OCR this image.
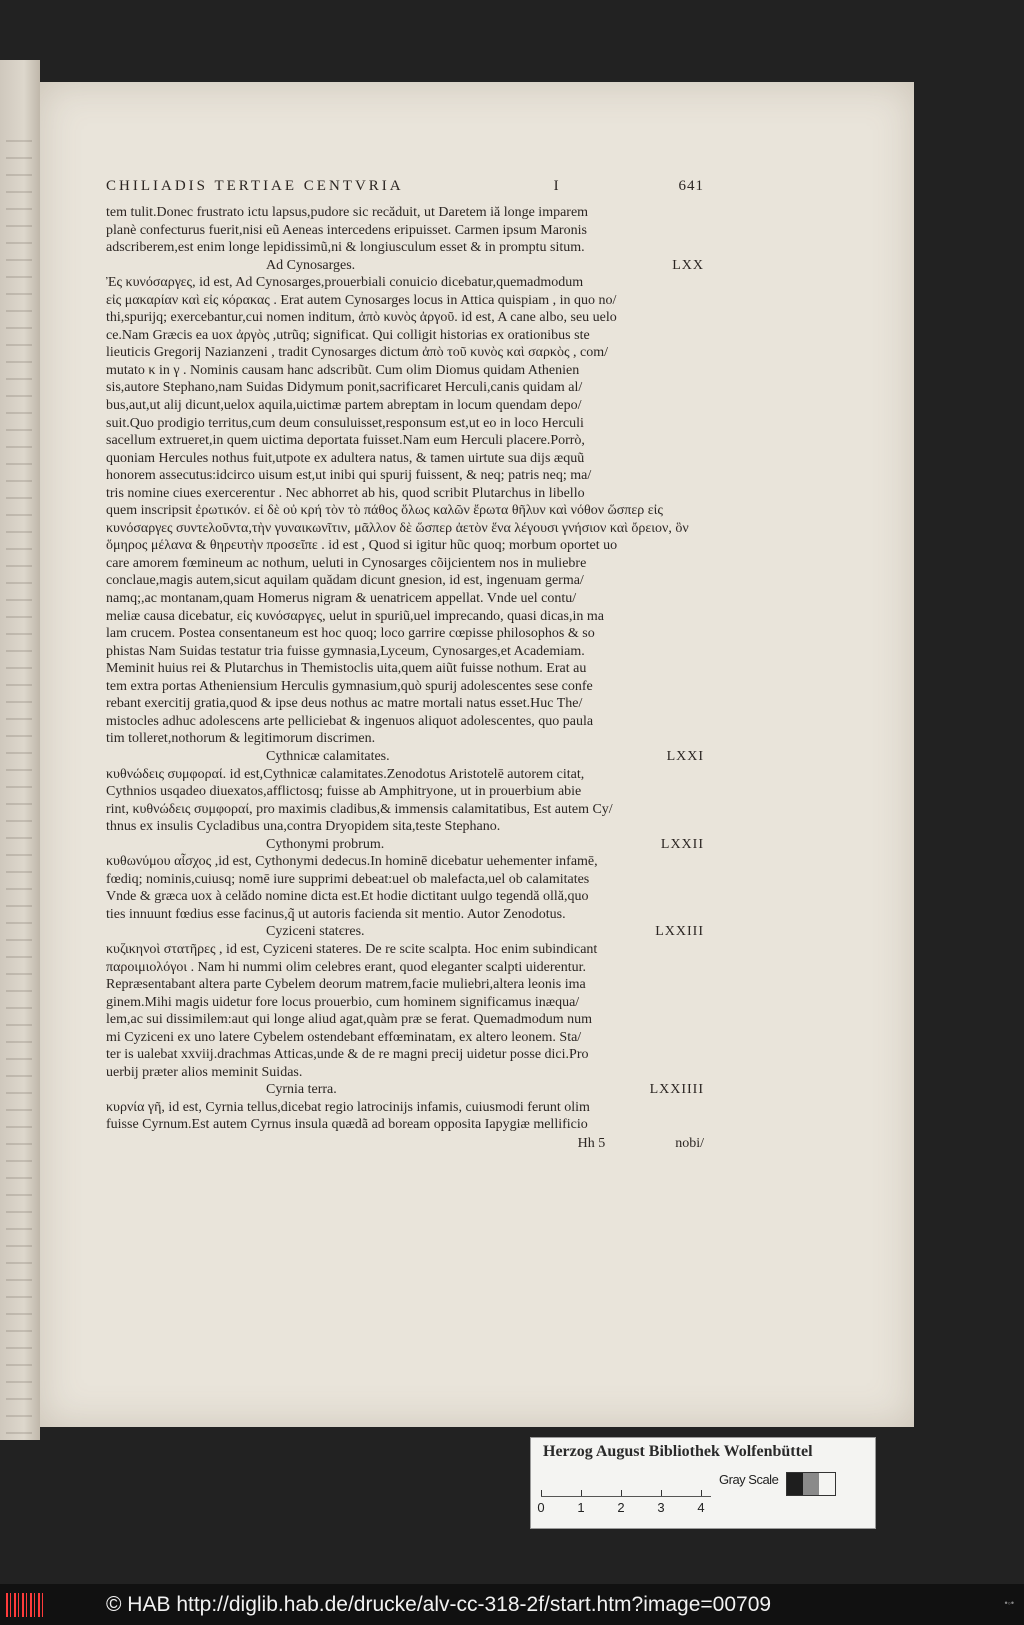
CHILIADIS TERTIAE CENTVRIA	I	641
tem tulit.Donec frustrato ictu lapsus,pudore sic recăduit, ut Daretem iă longe imparem
planè confecturus fuerit,nisi eũ Aeneas intercedens eripuisset. Carmen ipsum Maronis
adscriberem,est enim longe lepidissimũ,ni & longiusculum esset & in promptu situm.
Ad Cynosarges.	LXX
Ἐς κυνόσαργες, id est, Ad Cynosarges,prouerbiali conuicio dicebatur,quemadmodum
εἰς μακαρίαν καὶ εἰς κόρακας . Erat autem Cynosarges locus in Attica quispiam , in quo no/
thi,spurijq; exercebantur,cui nomen inditum, ἀπὸ κυνὸς ἀργοῦ. id est, A cane albo, seu uelo
ce.Nam Græcis ea uox ἀργὸς ,utrũq; significat. Qui colligit historias ex orationibus ste
lieuticis Gregorij Nazianzeni , tradit Cynosarges dictum ἀπὸ τοῦ κυνὸς καὶ σαρκὸς , com/
mutato κ in γ . Nominis causam hanc adscribũt. Cum olim Diomus quidam Athenien
sis,autore Stephano,nam Suidas Didymum ponit,sacrificaret Herculi,canis quidam al/
bus,aut,ut alij dicunt,uelox aquila,uictimæ partem abreptam in locum quendam depo/
suit.Quo prodigio territus,cum deum consuluisset,responsum est,ut eo in loco Herculi
sacellum extrueret,in quem uictima deportata fuisset.Nam eum Herculi placere.Porrò,
quoniam Hercules nothus fuit,utpote ex adultera natus, & tamen uirtute sua dijs æquũ
honorem assecutus:idcirco uisum est,ut inibi qui spurij fuissent, & neq; patris neq; ma/
tris nomine ciues exercerentur . Nec abhorret ab his, quod scribit Plutarchus in libello
quem inscripsit ἐρωτικόν. εἰ δὲ οὐ κρή τὸν τὸ πάθος ὅλως καλῶν ἔρωτα θῆλυν καὶ νόθον ὥσπερ εἰς
κυνόσαργες συντελοῦντα,τὴν γυναικωνῖτιν, μᾶλλον δὲ ὥσπερ ἀετὸν ἕνα λέγουσι γνήσιον καὶ ὄρειον, ὃν
ὅμηρος μέλανα & θηρευτὴν προσεῖπε . id est , Quod si igitur hũc quoq; morbum oportet uo
care amorem fœmineum ac nothum, ueluti in Cynosarges cõijcientem nos in muliebre
conclaue,magis autem,sicut aquilam quădam dicunt gnesion, id est, ingenuam germa/
namq;,ac montanam,quam Homerus nigram & uenatricem appellat. Vnde uel contu/
meliæ causa dicebatur, εἰς κυνόσαργες, uelut in spuriũ,uel imprecando, quasi dicas,in ma
lam crucem. Postea consentaneum est hoc quoq; loco garrire cœpisse philosophos & so
phistas Nam Suidas testatur tria fuisse gymnasia,Lyceum, Cynosarges,et Academiam.
Meminit huius rei & Plutarchus in Themistoclis uita,quem aiũt fuisse nothum. Erat au
tem extra portas Atheniensium Herculis gymnasium,quò spurij adolescentes sese confe
rebant exercitij gratia,quod & ipse deus nothus ac matre mortali natus esset.Huc The/
mistocles adhuc adolescens arte pelliciebat & ingenuos aliquot adolescentes, quo paula
tim tolleret,nothorum & legitimorum discrimen.
Cythnicæ calamitates.	LXXI
κυθνώδεις συμφοραί. id est,Cythnicæ calamitates.Zenodotus Aristotelē autorem citat,
Cythnios usqadeo diuexatos,afflictosq; fuisse ab Amphitryone, ut in prouerbium abie
rint, κυθνώδεις συμφοραί, pro maximis cladibus,& immensis calamitatibus, Est autem Cy/
thnus ex insulis Cycladibus una,contra Dryopidem sita,teste Stephano.
Cythonymi probrum.	LXXII
κυθωνύμου αἶσχος ,id est, Cythonymi dedecus.In hominē dicebatur uehementer infamē,
fœdiq; nominis,cuiusq; nomē iure supprimi debeat:uel ob malefacta,uel ob calamitates
Vnde & græca uox à celădo nomine dicta est.Et hodie dictitant uulgo tegendă ollă,quo
ties innuunt fœdius esse facinus,q̃ ut autoris facienda sit mentio. Autor Zenodotus.
Cyziceni statєres.	LXXIII
κυζικηνοὶ στατῆρες , id est, Cyziceni stateres. De re scite scalpta. Hoc enim subindicant
παροιμιολόγοι . Nam hi nummi olim celebres erant, quod eleganter scalpti uiderentur.
Repræsentabant altera parte Cybelem deorum matrem,facie muliebri,altera leonis ima
ginem.Mihi magis uidetur fore locus prouerbio, cum hominem significamus inæqua/
lem,ac sui dissimilem:aut qui longe aliud agat,quàm præ se ferat. Quemadmodum num
mi Cyziceni ex uno latere Cybelem ostendebant effœminatam, ex altero leonem. Sta/
ter is ualebat xxviij.drachmas Atticas,unde & de re magni precij uidetur posse dici.Pro
uerbij præter alios meminit Suidas.
Cyrnia terra.	LXXIIII
κυρνία γῆ, id est, Cyrnia tellus,dicebat regio latrocinijs infamis, cuiusmodi ferunt olim
fuisse Cyrnum.Est autem Cyrnus insula quædã ad boream opposita Iapygiæ mellificio
Hh 5	nobi/
Herzog August Bibliothek Wolfenbüttel
0	1	2	3	4
Gray Scale
© HAB http://diglib.hab.de/drucke/alv-cc-318-2f/start.htm?image=00709	•◦•
